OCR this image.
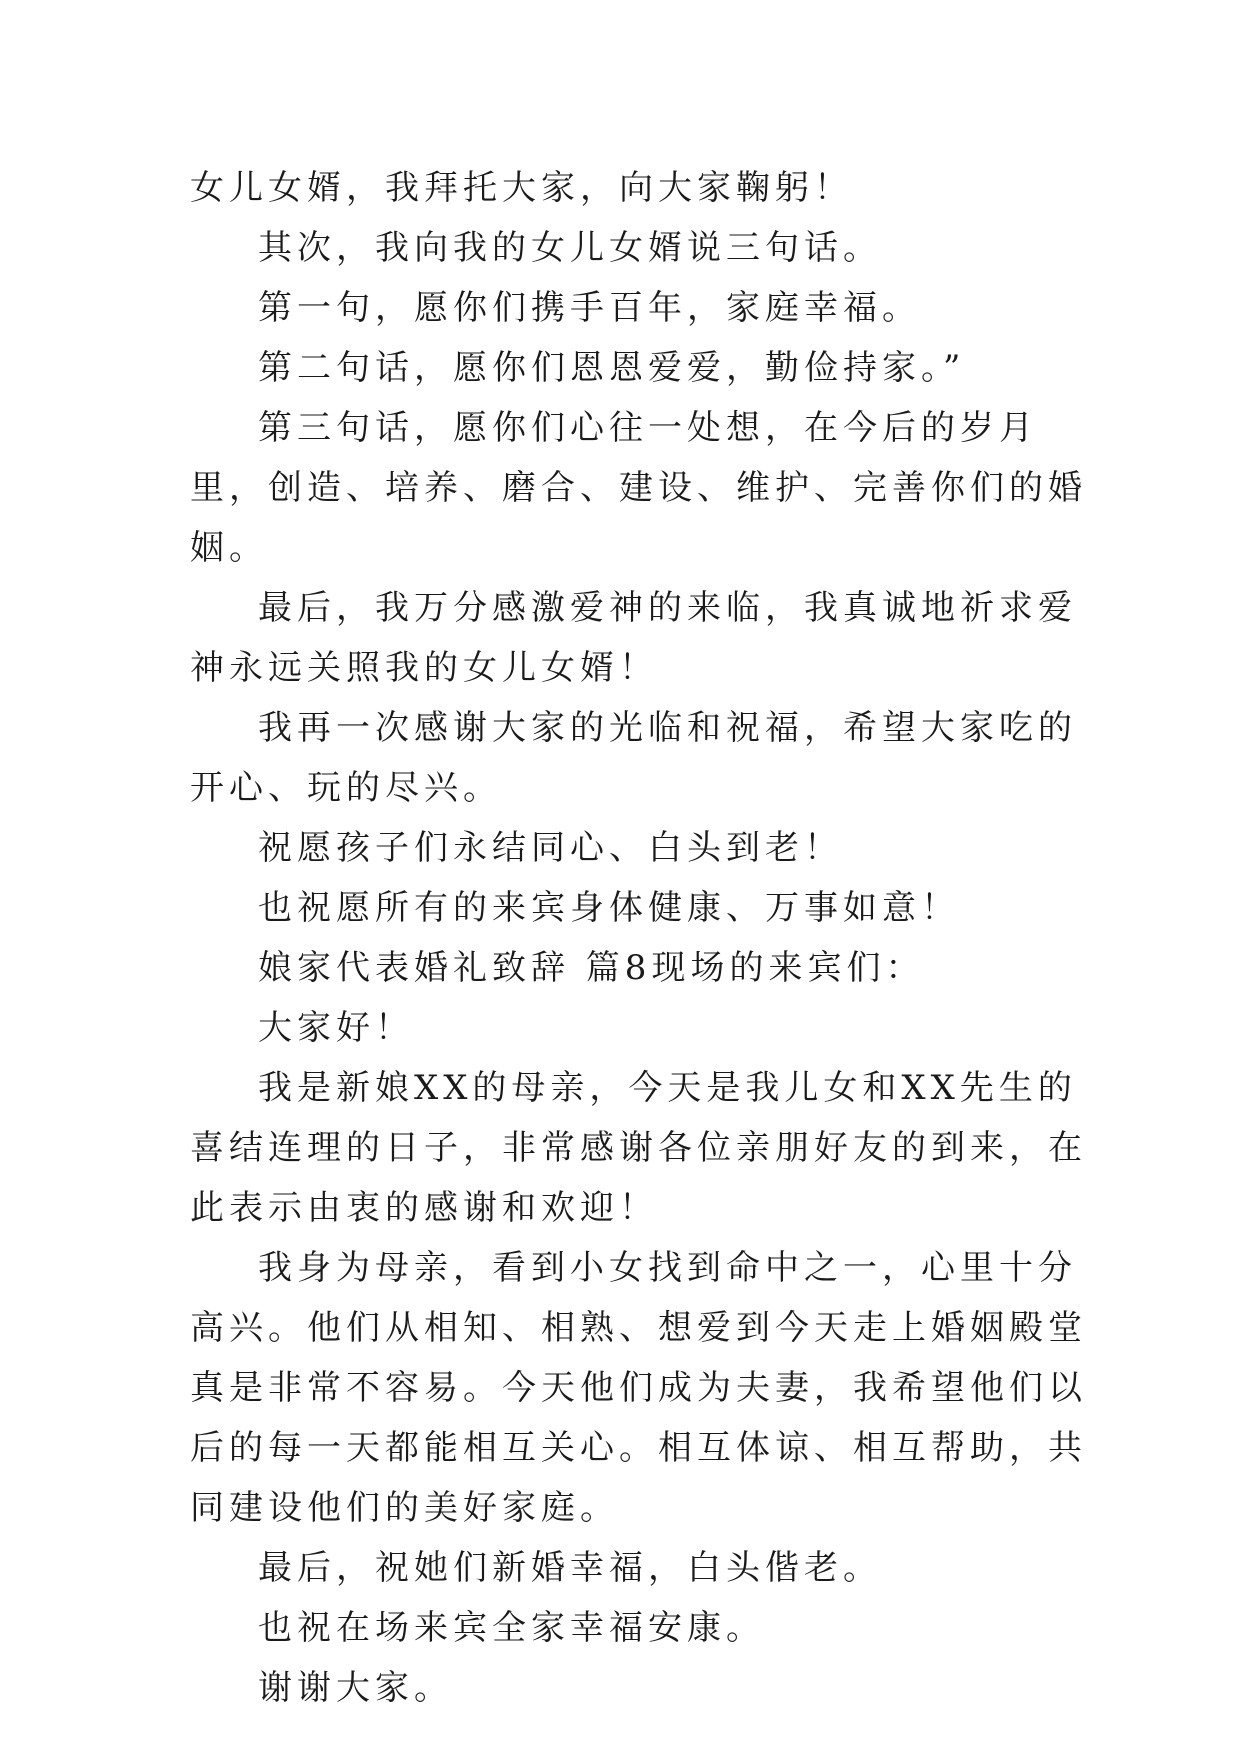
女儿女婿，我拜托大家，向大家鞠躬！

其次，我向我的女儿女婿说三句话。

第一句，愿你们携手百年，家庭幸福。

第二句话，愿你们恩恩爱爱，勤俭持家。”

第三句话，愿你们心往一处想，在今后的岁月里，创造、培养、磨合、建设、维护、完善你们的婚姻。

最后，我万分感激爱神的来临，我真诚地祈求爱神永远关照我的女儿女婿！

我再一次感谢大家的光临和祝福，希望大家吃的开心、玩的尽兴。

祝愿孩子们永结同心、白头到老！

也祝愿所有的来宾身体健康、万事如意！

娘家代表婚礼致辞 篇8现场的来宾们：

大家好！

我是新娘XX的母亲，今天是我儿女和XX先生的喜结连理的日子，非常感谢各位亲朋好友的到来，在此表示由衷的感谢和欢迎！

我身为母亲，看到小女找到命中之一，心里十分高兴。他们从相知、相熟、想爱到今天走上婚姻殿堂真是非常不容易。今天他们成为夫妻，我希望他们以后的每一天都能相互关心。相互体谅、相互帮助，共同建设他们的美好家庭。

最后，祝她们新婚幸福，白头偕老。

也祝在场来宾全家幸福安康。

谢谢大家。
